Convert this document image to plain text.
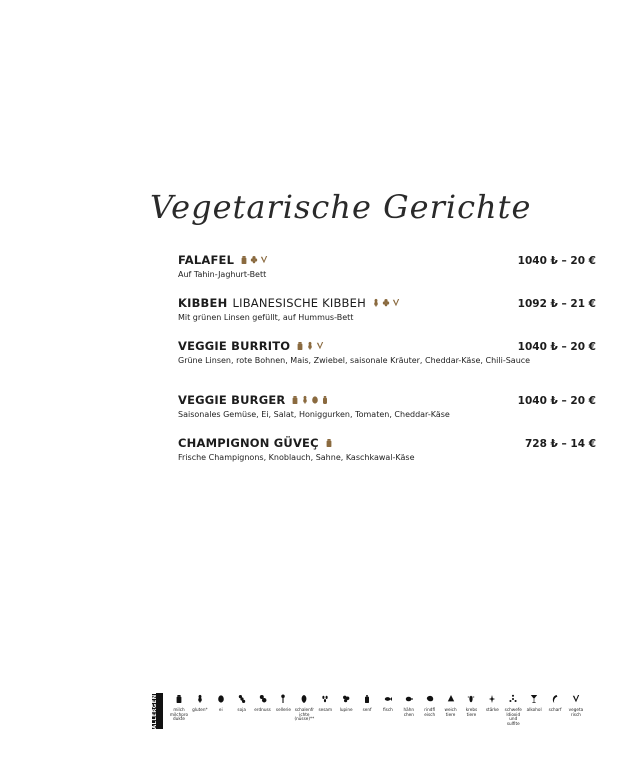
Vegetarische Gerichte
FALAFEL	1040 ₺ – 20 €
Auf Tahin-Jaghurt-Bett
KIBBEH LIBANESISCHE KIBBEH	1092 ₺ – 21 €
Mit grünen Linsen gefüllt, auf Hummus-Bett
VEGGIE BURRITO	1040 ₺ – 20 €
Grüne Linsen, rote Bohnen, Mais, Zwiebel, saisonale Kräuter, Cheddar-Käse, Chili-Sauce
VEGGIE BURGER	1040 ₺ – 20 €
Saisonales Gemüse, Ei, Salat, Honiggurken, Tomaten, Cheddar-Käse
CHAMPIGNON GÜVEÇ	728 ₺ – 14 €
Frische Champignons, Knoblauch, Sahne, Kaschkawal-Käse
ALLERGENE	milch milchpro dukte
gluten*	ei	soja erdnuss sellerie schalenfr ichte (nüsse)**
sesam lupine senf	fisch	hähn chen
rindfl eisch
weich tiere
krebs tiere
stärke	schwefe ldioxid und sulfite
alkohol scharf	vegeta risch
